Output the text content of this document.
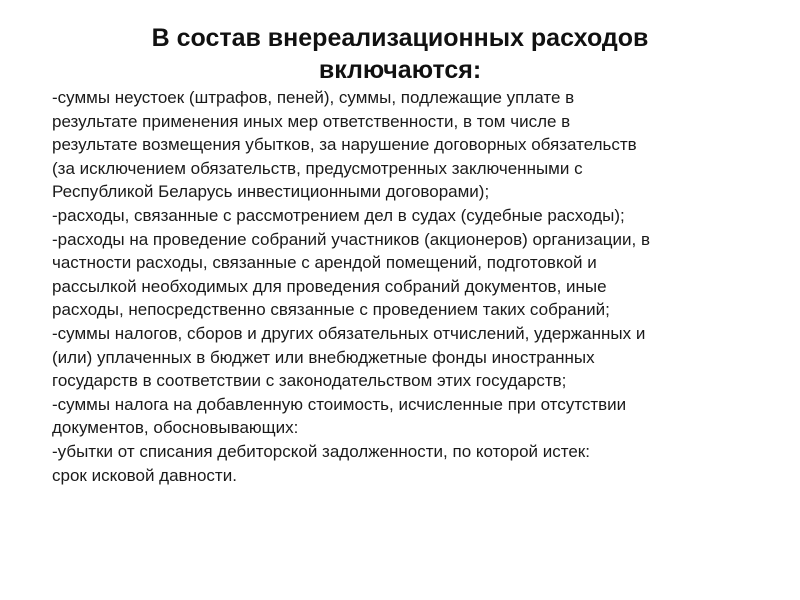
В состав внереализационных расходов
включаются:
-суммы неустоек (штрафов, пеней), суммы, подлежащие уплате в
результате применения иных мер ответственности, в том числе в
результате возмещения убытков, за нарушение договорных обязательств
(за исключением обязательств, предусмотренных заключенными с
Республикой Беларусь инвестиционными договорами);
-расходы, связанные с рассмотрением дел в судах (судебные расходы);
-расходы на проведение собраний участников (акционеров) организации, в
частности расходы, связанные с арендой помещений, подготовкой и
рассылкой необходимых для проведения собраний документов, иные
расходы, непосредственно связанные с проведением таких собраний;
-суммы налогов, сборов и других обязательных отчислений, удержанных и
(или) уплаченных в бюджет или внебюджетные фонды иностранных
государств в соответствии с законодательством этих государств;
-суммы налога на добавленную стоимость, исчисленные при отсутствии
документов, обосновывающих:
-убытки от списания дебиторской задолженности, по которой истек:
срок исковой давности.
